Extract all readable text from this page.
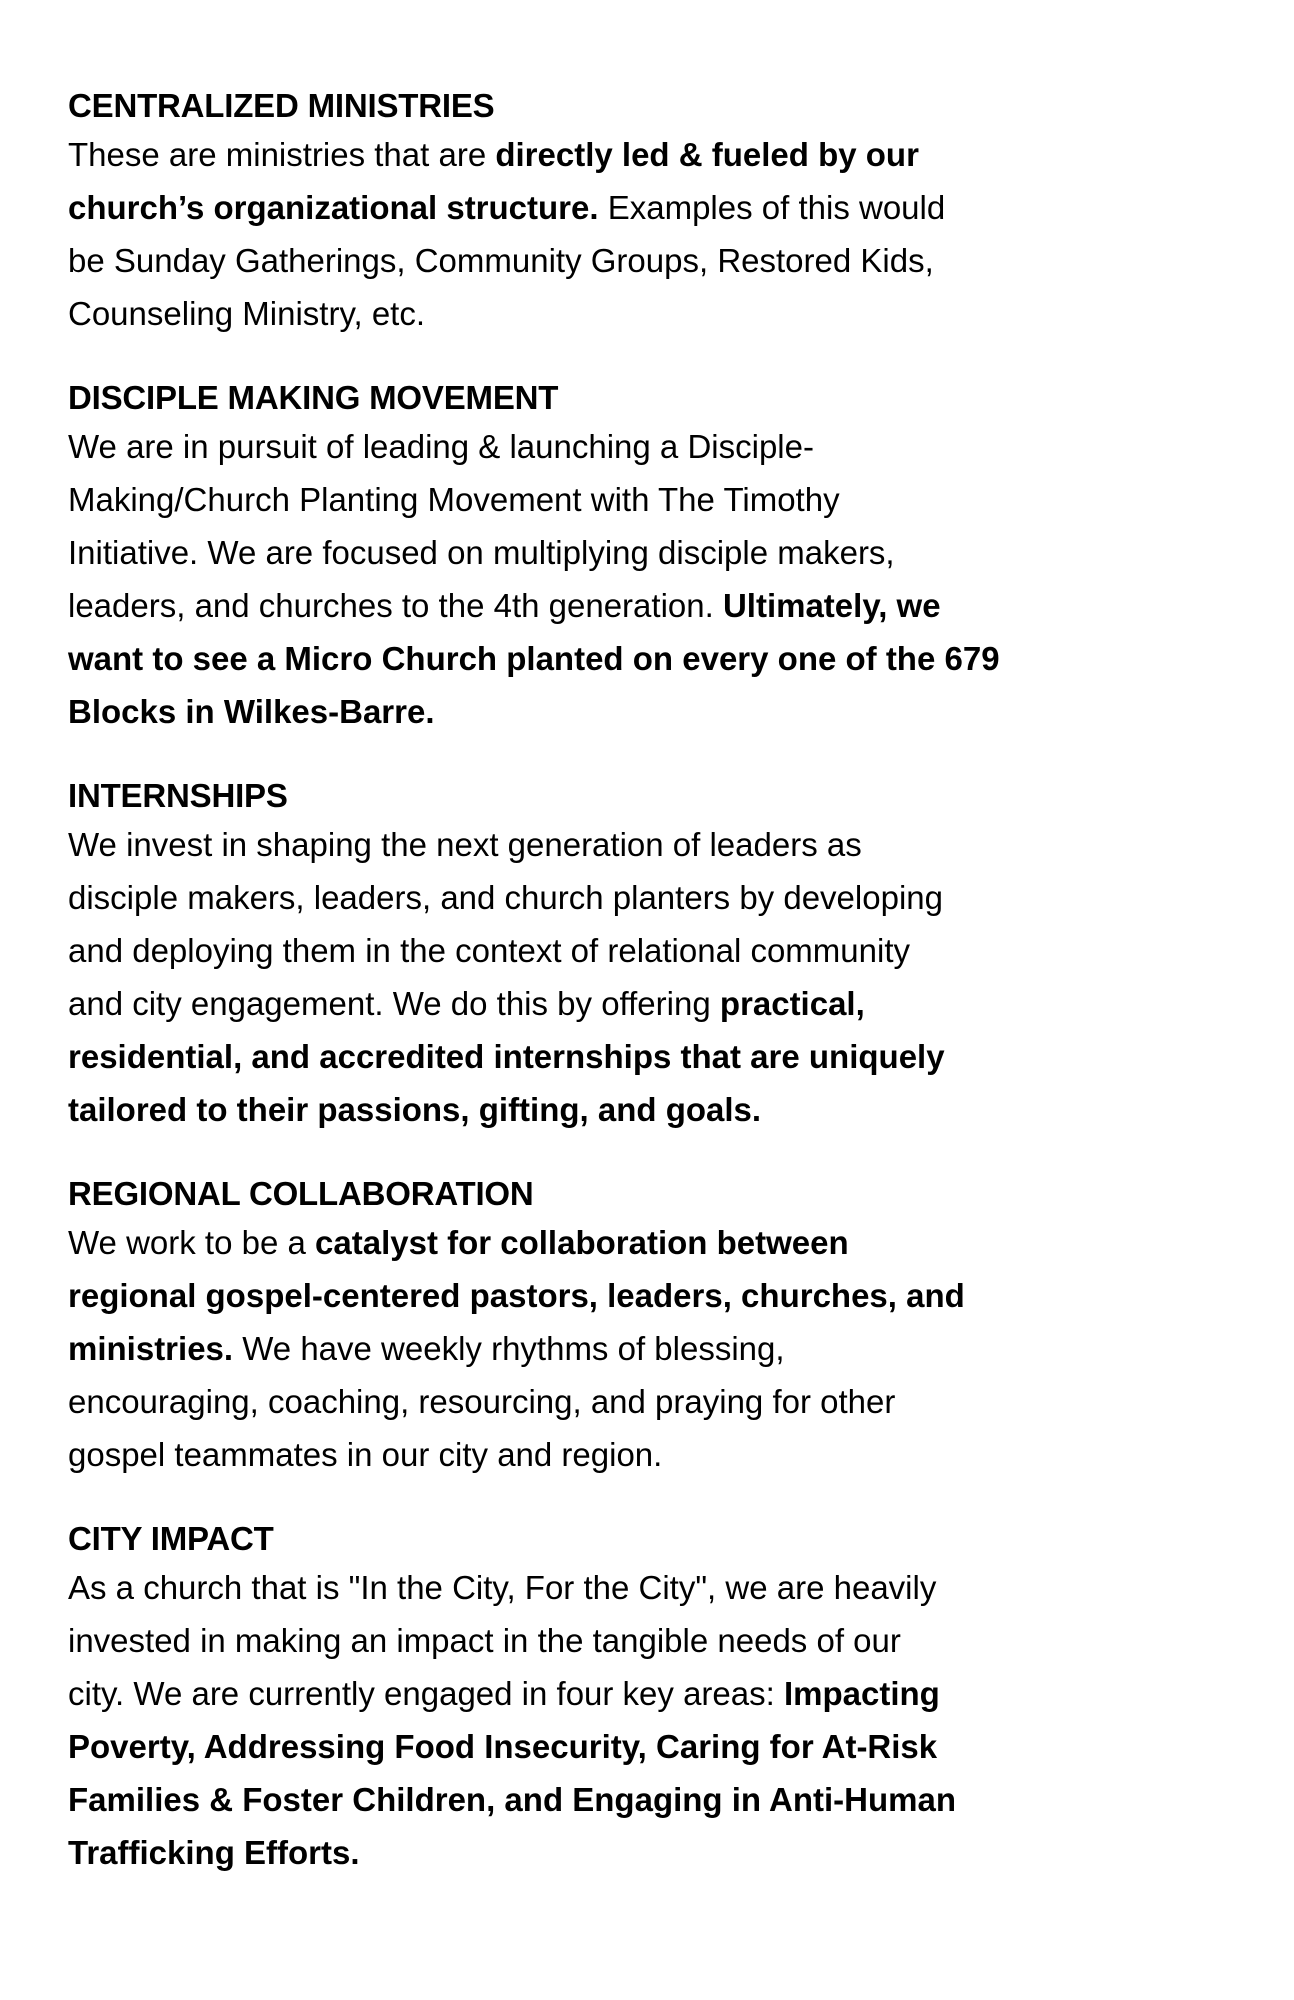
CENTRALIZED MINISTRIES
These are ministries that are directly led & fueled by our
church’s organizational structure. Examples of this would
be Sunday Gatherings, Community Groups, Restored Kids,
Counseling Ministry, etc.
DISCIPLE MAKING MOVEMENT
We are in pursuit of leading & launching a Disciple-
Making/Church Planting Movement with The Timothy
Initiative. We are focused on multiplying disciple makers,
leaders, and churches to the 4th generation. Ultimately, we
want to see a Micro Church planted on every one of the 679
Blocks in Wilkes-Barre.
INTERNSHIPS
We invest in shaping the next generation of leaders as
disciple makers, leaders, and church planters by developing
and deploying them in the context of relational community
and city engagement. We do this by offering practical,
residential, and accredited internships that are uniquely
tailored to their passions, gifting, and goals.
REGIONAL COLLABORATION
We work to be a catalyst for collaboration between
regional gospel-centered pastors, leaders, churches, and
ministries. We have weekly rhythms of blessing,
encouraging, coaching, resourcing, and praying for other
gospel teammates in our city and region.
CITY IMPACT
As a church that is "In the City, For the City", we are heavily
invested in making an impact in the tangible needs of our
city. We are currently engaged in four key areas: Impacting
Poverty, Addressing Food Insecurity, Caring for At-Risk
Families & Foster Children, and Engaging in Anti-Human
Trafficking Efforts.
